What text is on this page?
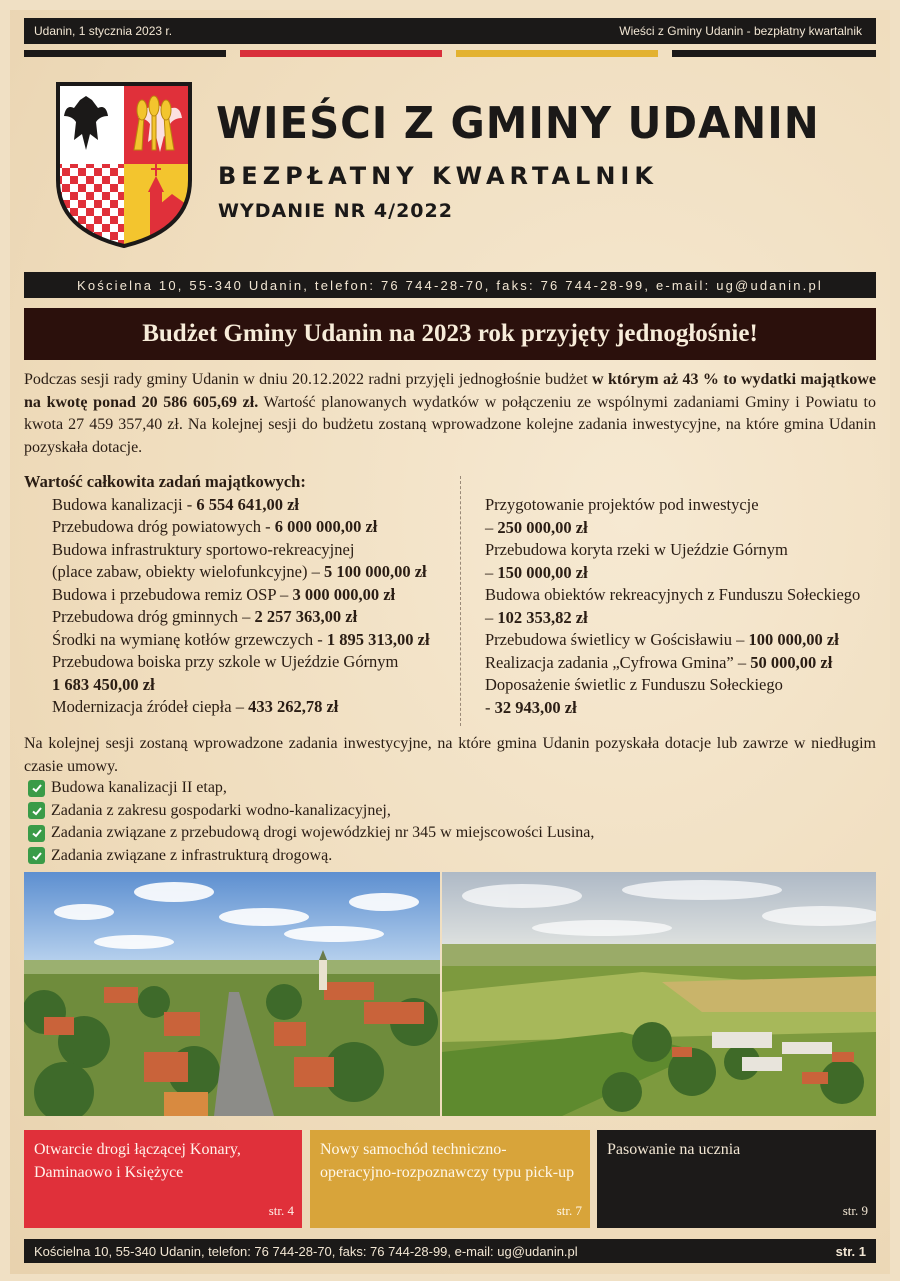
Udanin, 1 stycznia 2023 r.	Wieści z Gminy Udanin - bezpłatny kwartalnik
WIEŚCI Z GMINY UDANIN
BEZPŁATNY KWARTALNIK
WYDANIE NR 4/2022
Kościelna 10, 55-340 Udanin, telefon: 76 744-28-70, faks: 76 744-28-99, e-mail: ug@udanin.pl
Budżet Gminy Udanin na 2023 rok przyjęty jednogłośnie!

Podczas sesji rady gminy Udanin w dniu 20.12.2022 radni przyjęli jednogłośnie budżet w którym aż 43 % to wydatki majątkowe na kwotę ponad 20 586 605,69 zł. Wartość planowanych wydatków w połączeniu ze wspólnymi zadaniami Gminy i Powiatu to kwota 27 459 357,40 zł. Na kolejnej sesji do budżetu zostaną wprowadzone kolejne zadania inwestycyjne, na które gmina Udanin pozyskała dotacje.

Wartość całkowita zadań majątkowych:
Budowa kanalizacji - 6 554 641,00 zł
Przebudowa dróg powiatowych - 6 000 000,00 zł
Budowa infrastruktury sportowo-rekreacyjnej
(place zabaw, obiekty wielofunkcyjne) – 5 100 000,00 zł
Budowa i przebudowa remiz OSP – 3 000 000,00 zł
Przebudowa dróg gminnych – 2 257 363,00 zł
Środki na wymianę kotłów grzewczych - 1 895 313,00 zł
Przebudowa boiska przy szkole w Ujeździe Górnym
1 683 450,00 zł
Modernizacja źródeł ciepła – 433 262,78 zł
Przygotowanie projektów pod inwestycje
– 250 000,00 zł
Przebudowa koryta rzeki w Ujeździe Górnym
– 150 000,00 zł
Budowa obiektów rekreacyjnych z Funduszu Sołeckiego
– 102 353,82 zł
Przebudowa świetlicy w Gościsławiu – 100 000,00 zł
Realizacja zadania „Cyfrowa Gmina” – 50 000,00 zł
Doposażenie świetlic z Funduszu Sołeckiego
- 32 943,00 zł

Na kolejnej sesji zostaną wprowadzone zadania inwestycyjne, na które gmina Udanin pozyskała dotacje lub zawrze w niedługim czasie umowy.

Budowa kanalizacji II etap,
Zadania z zakresu gospodarki wodno-kanalizacyjnej,
Zadania związane z przebudową drogi wojewódzkiej nr 345 w miejscowości Lusina,
Zadania związane z infrastrukturą drogową.
Otwarcie drogi łączącej Konary, Daminaowo i Księżyce
str. 4
Nowy samochód techniczno-operacyjno-rozpoznawczy typu pick-up
str. 7
Pasowanie na ucznia
str. 9
Kościelna 10, 55-340 Udanin, telefon: 76 744-28-70, faks: 76 744-28-99, e-mail: ug@udanin.pl	str. 1
